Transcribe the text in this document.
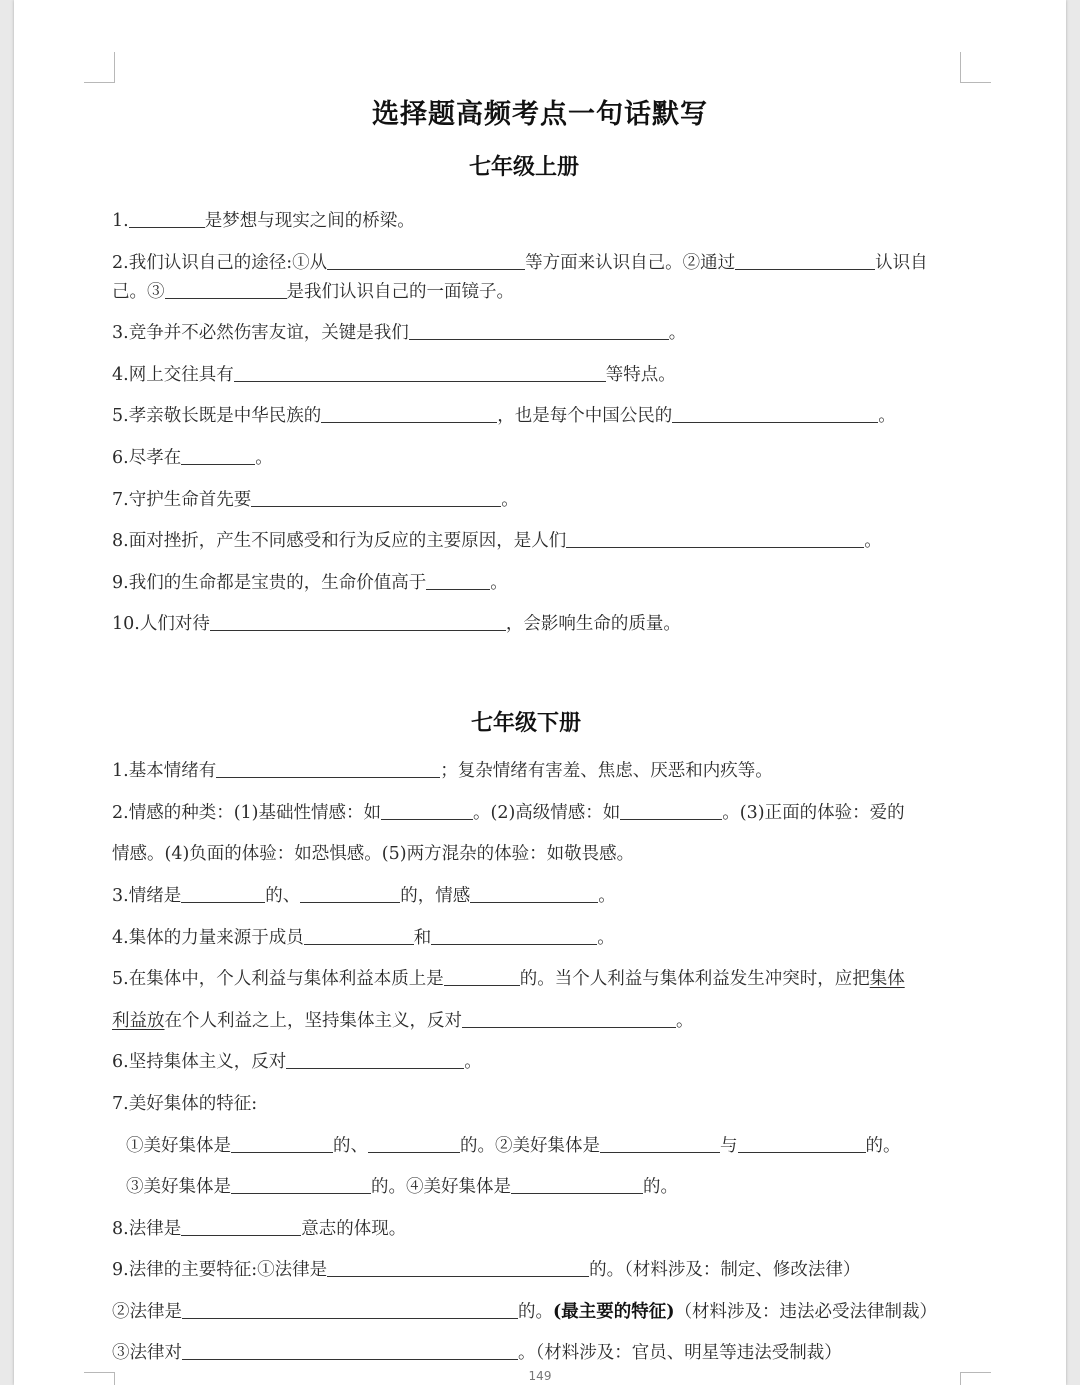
选择题高频考点一句话默写
七年级上册
1.	是梦想与现实之间的桥梁。
2.我们认识自己的途径:①从	等方面来认识自己。②通过	认识自
己。③	是我们认识自己的一面镜子。
3.竞争并不必然伤害友谊，关键是我们	。
4.网上交往具有	等特点。
5.孝亲敬长既是中华民族的	，也是每个中国公民的	。
6.尽孝在	。
7.守护生命首先要	。
8.面对挫折，产生不同感受和行为反应的主要原因，是人们	。
9.我们的生命都是宝贵的，生命价值高于	。
10.人们对待	，会影响生命的质量。
七年级下册
1.基本情绪有	；复杂情绪有害羞、焦虑、厌恶和内疚等。
2.情感的种类：(1)基础性情感：如	。(2)高级情感：如	。(3)正面的体验：爱的
情感。(4)负面的体验：如恐惧感。(5)两方混杂的体验：如敬畏感。
3.情绪是	的、	的，情感	。
4.集体的力量来源于成员	和	。
5.在集体中，个人利益与集体利益本质上是	的。当个人利益与集体利益发生冲突时，应把集体
利益放在个人利益之上，坚持集体主义，反对	。
6.坚持集体主义，反对	。
7.美好集体的特征:
①美好集体是	的、	的。②美好集体是	与	的。
③美好集体是	的。④美好集体是	的。
8.法律是	意志的体现。
9.法律的主要特征:①法律是	的。（材料涉及：制定、修改法律）
②法律是	的。(最主要的特征)（材料涉及：违法必受法律制裁）
③法律对	。（材料涉及：官员、明星等违法受制裁）
149
